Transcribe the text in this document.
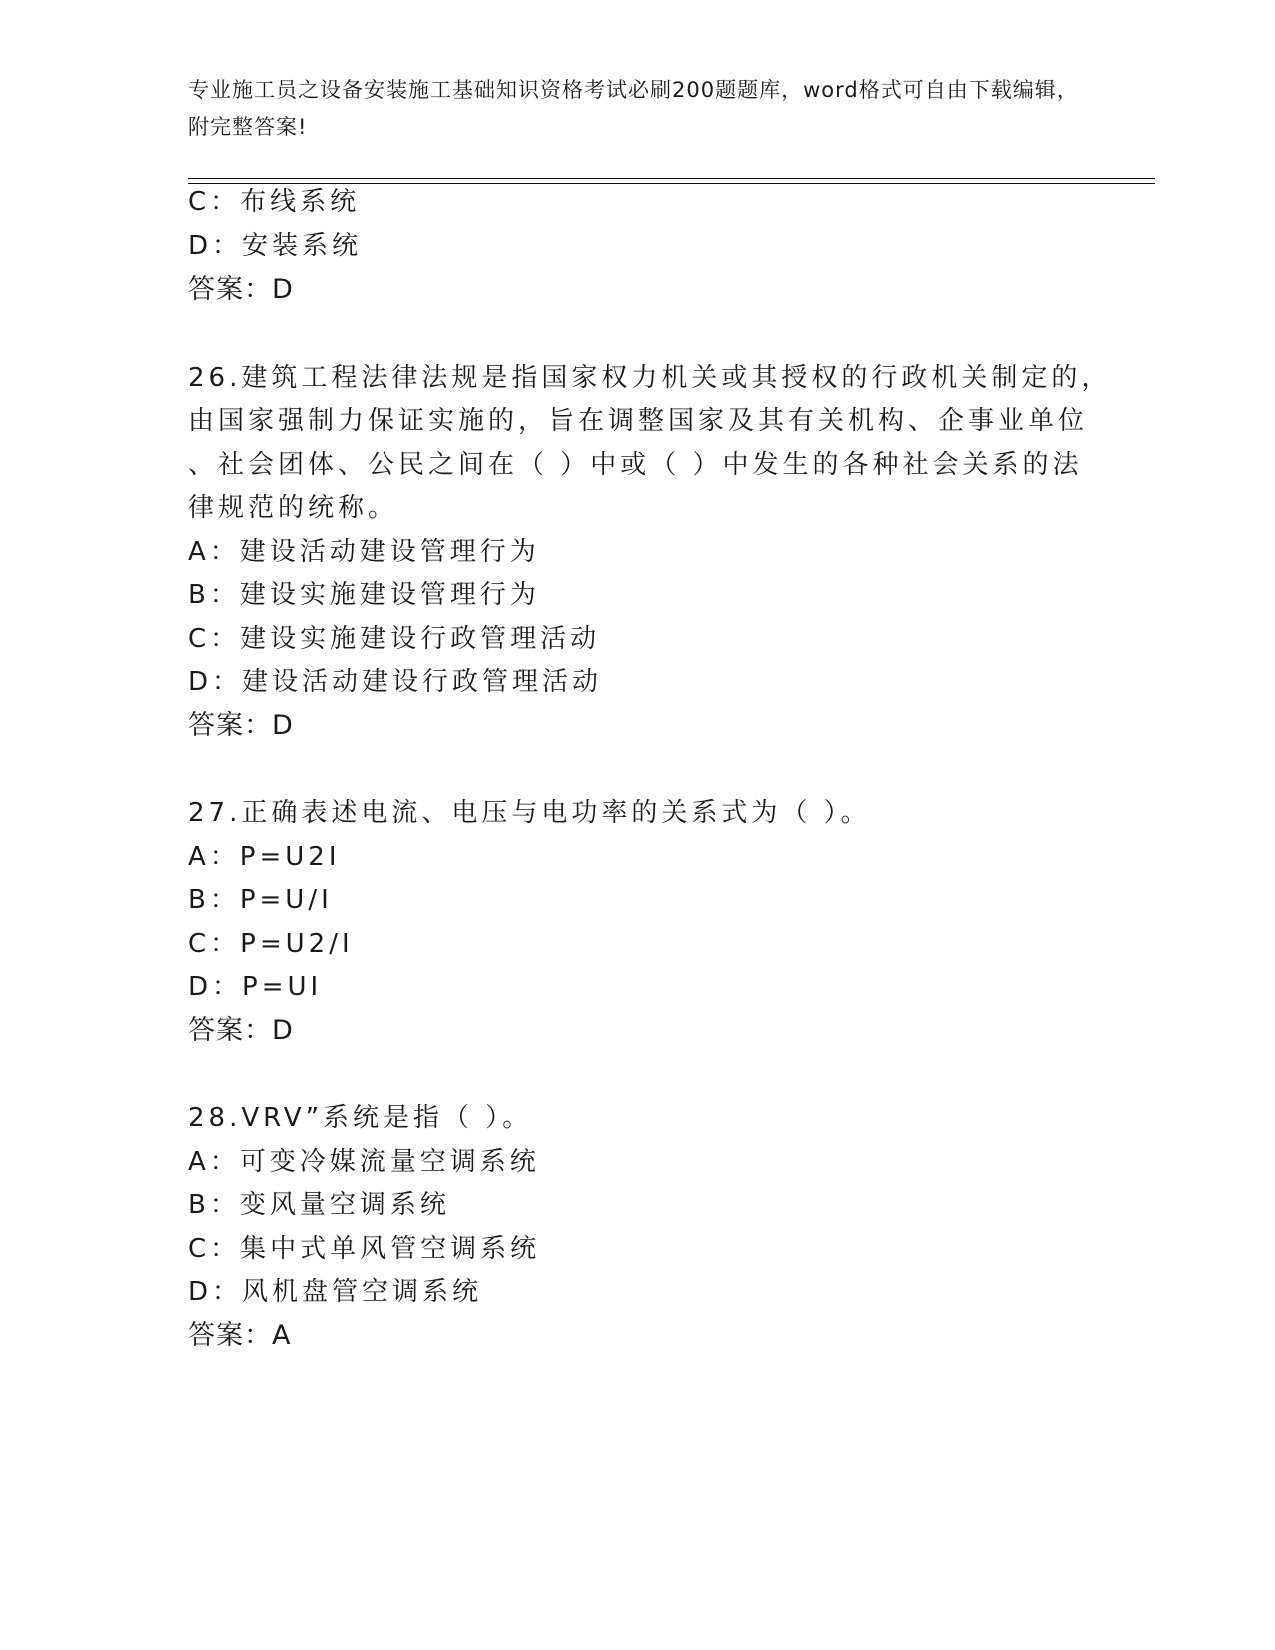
专业施工员之设备安装施工基础知识资格考试必刷200题题库，word格式可自由下载编辑，附完整答案!
C：布线系统
D：安装系统
答案：D
26.建筑工程法律法规是指国家权力机关或其授权的行政机关制定的，
由国家强制力保证实施的，旨在调整国家及其有关机构、企事业单位
、社会团体、公民之间在（ ）中或（ ）中发生的各种社会关系的法
律规范的统称。
A：建设活动建设管理行为
B：建设实施建设管理行为
C：建设实施建设行政管理活动
D：建设活动建设行政管理活动
答案：D
27.正确表述电流、电压与电功率的关系式为（ ）。
A：P=U2I
B：P=U/I
C：P=U2/I
D：P=UI
答案：D
28.VRV”系统是指（ ）。
A：可变冷媒流量空调系统
B：变风量空调系统
C：集中式单风管空调系统
D：风机盘管空调系统
答案：A
